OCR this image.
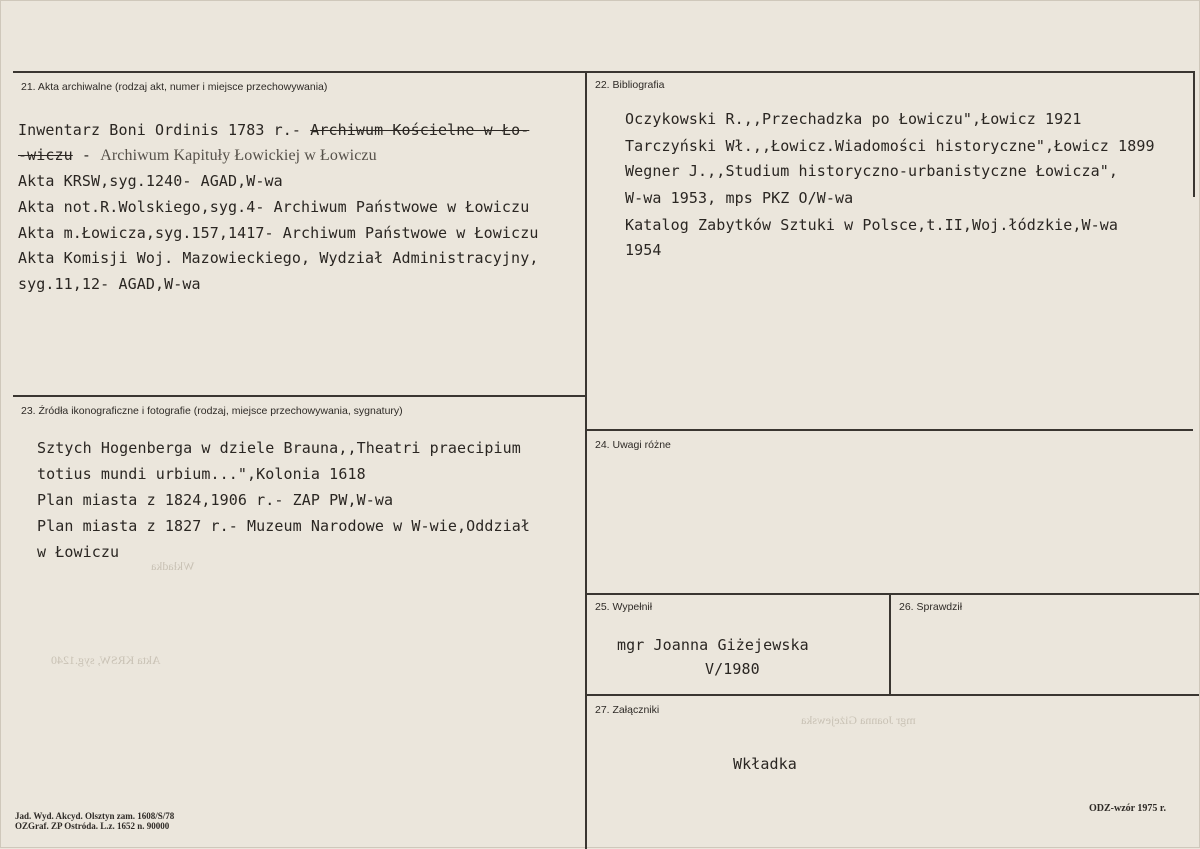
21. Akta archiwalne (rodzaj akt, numer i miejsce przechowywania)
Inwentarz Boni Ordinis 1783 r.- Archiwum Kościelne w Ło-
-wiczu - Archiwum Kapituły Łowickiej w Łowiczu
Akta KRSW,syg.1240- AGAD,W-wa
Akta not.R.Wolskiego,syg.4- Archiwum Państwowe w Łowiczu
Akta m.Łowicza,syg.157,1417- Archiwum Państwowe w Łowiczu
Akta Komisji Woj. Mazowieckiego, Wydział Administracyjny,
syg.11,12- AGAD,W-wa
22. Bibliografia
Oczykowski R.,,Przechadzka po Łowiczu",Łowicz 1921
Tarczyński Wł.,,Łowicz.Wiadomości historyczne",Łowicz 1899
Wegner J.,,Studium historyczno-urbanistyczne Łowicza",
W-wa 1953, mps PKZ O/W-wa
Katalog Zabytków Sztuki w Polsce,t.II,Woj.łódzkie,W-wa
1954
23. Źródła ikonograficzne i fotografie (rodzaj, miejsce przechowywania, sygnatury)
Sztych Hogenberga w dziele Brauna,,Theatri praecipium
totius mundi urbium...",Kolonia 1618
Plan miasta z 1824,1906 r.- ZAP PW,W-wa
Plan miasta z 1827 r.- Muzeum Narodowe w W-wie,Oddział
w Łowiczu
Wkładka
Akta KRSW, syg.1240
mgr Joanna Giżejewska
24. Uwagi różne
25. Wypełnił
mgr Joanna Giżejewska
V/1980
26. Sprawdził
27. Załączniki
Wkładka
Jad. Wyd. Akcyd. Olsztyn zam. 1608/S/78
OZGraf. ZP Ostróda. L.z. 1652 n. 90000
ODZ-wzór 1975 r.
